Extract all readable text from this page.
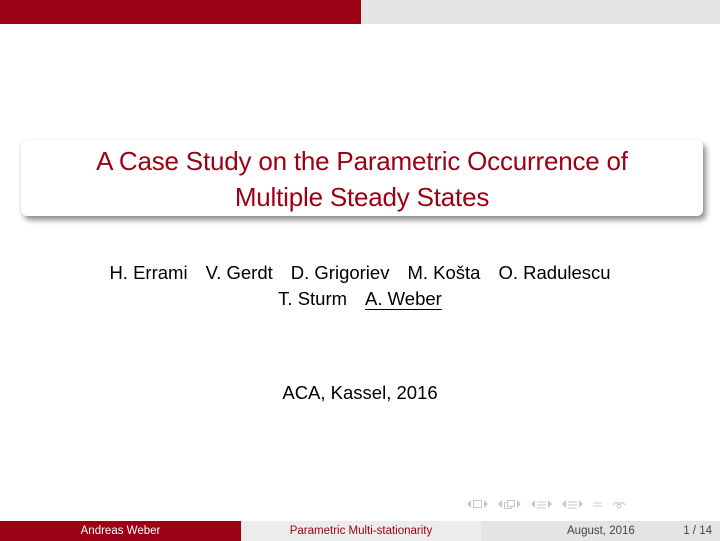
A Case Study on the Parametric Occurrence of
Multiple Steady States
H. Errami V. Gerdt D. Grigoriev M. Košta O. Radulescu
T. Sturm A. Weber
ACA, Kassel, 2016
Andreas Weber	Parametric Multi-stationarity	August, 2016	1 / 14
